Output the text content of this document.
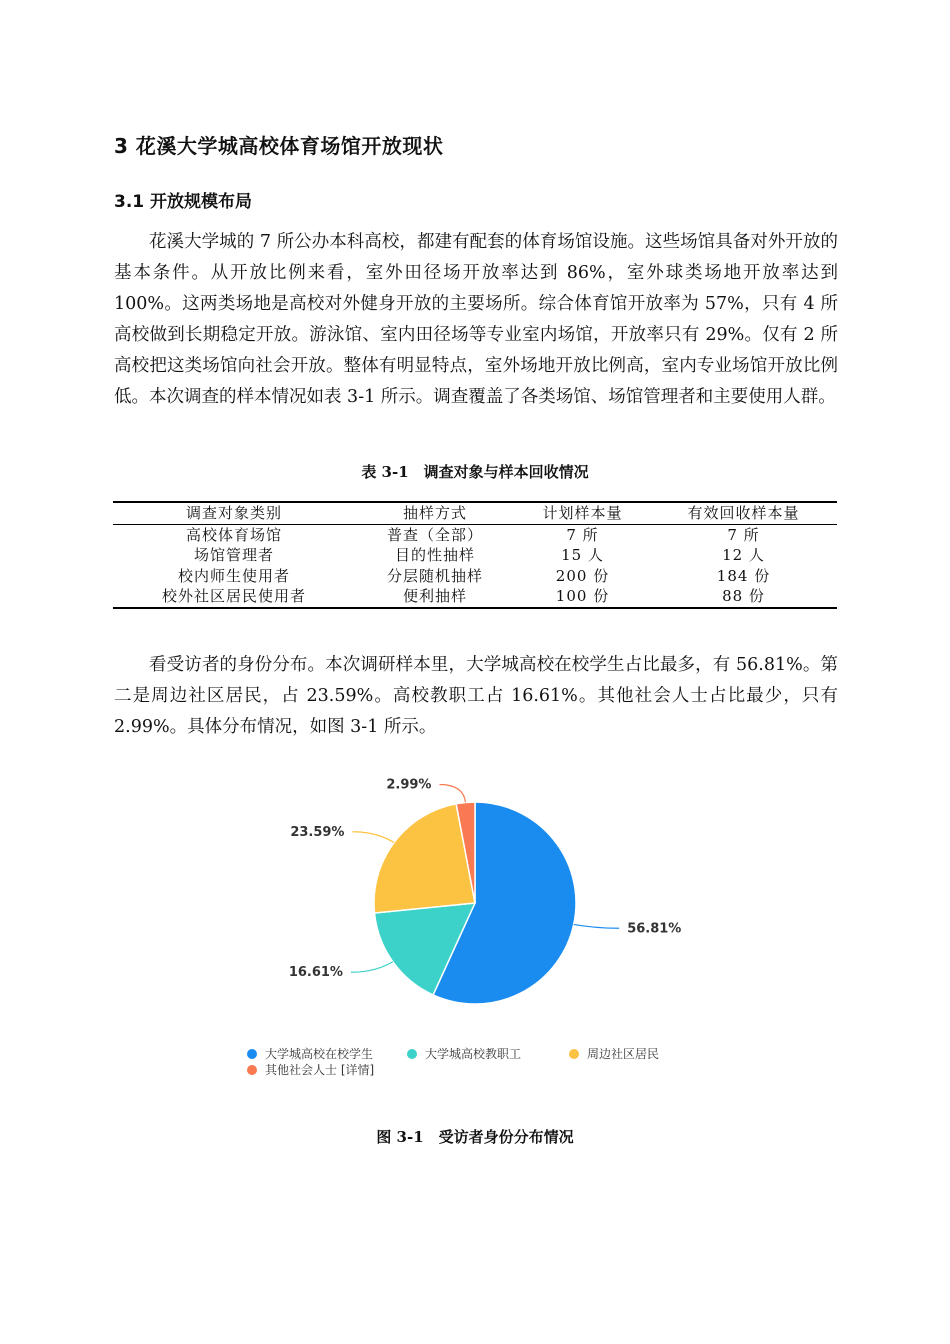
3 花溪大学城高校体育场馆开放现状
3.1 开放规模布局

花溪大学城的 7 所公办本科高校，都建有配套的体育场馆设施。这些场馆具备对外开放的基本条件。从开放比例来看，室外田径场开放率达到 86%，室外球类场地开放率达到 100%。这两类场地是高校对外健身开放的主要场所。综合体育馆开放率为 57%，只有 4 所高校做到长期稳定开放。游泳馆、室内田径场等专业室内场馆，开放率只有 29%。仅有 2 所高校把这类场馆向社会开放。整体有明显特点，室外场地开放比例高，室内专业场馆开放比例低。本次调查的样本情况如表 3-1 所示。调查覆盖了各类场馆、场馆管理者和主要使用人群。

表 3-1　调查对象与样本回收情况
调查对象类别	抽样方式	计划样本量	有效回收样本量
高校体育场馆	普查（全部）	7 所	7 所
场馆管理者	目的性抽样	15 人	12 人
校内师生使用者	分层随机抽样	200 份	184 份
校外社区居民使用者	便利抽样	100 份	88 份

看受访者的身份分布。本次调研样本里，大学城高校在校学生占比最多，有 56.81%。第二是周边社区居民，占 23.59%。高校教职工占 16.61%。其他社会人士占比最少，只有 2.99%。具体分布情况，如图 3-1 所示。

56.81%
16.61%
23.59%
2.99%
大学城高校在校学生	大学城高校教职工	周边社区居民
其他社会人士 [详情]
图 3-1　受访者身份分布情况
